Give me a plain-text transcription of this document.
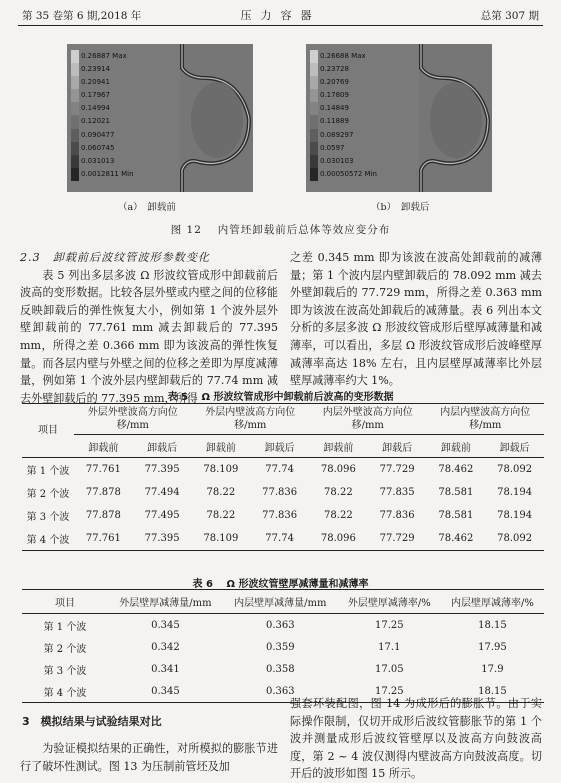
第 35 卷第 6 期,2018 年	压力容器	总第 307 期
0.26887 Max
0.23914
0.20941
0.17967
0.14994
0.12021
0.090477
0.060745
0.031013
0.0012811 Min
0.26688 Max
0.23728
0.20769
0.17809
0.14849
0.11889
0.089297
0.0597
0.030103
0.00050572 Min
（a）　卸载前	（b）　卸载后
图 12 　内管坯卸载前后总体等效应变分布

2.3　卸载前后波纹管波形参数变化

表 5 列出多层多波 Ω 形波纹管成形中卸载前后波高的变形数据。比较各层外壁或内壁之间的位移能反映卸载后的弹性恢复大小，例如第 1 个波外层外壁卸载前的 77.761 mm 减去卸载后的 77.395 mm，所得之差 0.366 mm 即为该波高的弹性恢复量。而各层内壁与外壁之间的位移之差即为厚度减薄量，例如第 1 个波外层内壁卸载后的 77.74 mm 减去外壁卸载后的 77.395 mm，所得

之差 0.345 mm 即为该波在波高处卸载前的减薄量；第 1 个波内层内壁卸载后的 78.092 mm 减去外壁卸载后的 77.729 mm，所得之差 0.363 mm 即为该波在波高处卸载后的减薄量。表 6 列出本文分析的多层多波 Ω 形波纹管成形后壁厚减薄量和减薄率，可以看出，多层 Ω 形波纹管成形后波峰壁厚减薄率高达 18% 左右，且内层壁厚减薄率比外层壁厚减薄率约大 1%。

表 5 　Ω 形波纹管成形中卸载前后波高的变形数据
项目	外层外壁波高方向位移/mm		外层内壁波高方向位移/mm		内层外壁波高方向位移/mm		内层内壁波高方向位移/mm	
	卸载前	卸载后	卸载前	卸载后	卸载前	卸载后	卸载前	卸载后
第 1 个波	77.761	77.395	78.109	77.74	78.096	77.729	78.462	78.092
第 2 个波	77.878	77.494	78.22	77.836	78.22	77.835	78.581	78.194
第 3 个波	77.878	77.495	78.22	77.836	78.22	77.836	78.581	78.194
第 4 个波	77.761	77.395	78.109	77.74	78.096	77.729	78.462	78.092
表 6 　Ω 形波纹管壁厚减薄量和减薄率
项目	外层壁厚减薄量/mm	内层壁厚减薄量/mm	外层壁厚减薄率/%	内层壁厚减薄率/%
第 1 个波	0.345	0.363	17.25	18.15
第 2 个波	0.342	0.359	17.1	17.95
第 3 个波	0.341	0.358	17.05	17.9
第 4 个波	0.345	0.363	17.25	18.15
3　模拟结果与试验结果对比

为验证模拟结果的正确性，对所模拟的膨胀节进行了破坏性测试。图 13 为压制前管坯及加

强套环装配图，图 14 为成形后的膨胀节。由于实际操作限制，仅切开成形后波纹管膨胀节的第 1 个波并测量成形后波纹管壁厚以及波高方向鼓波高度，第 2 ~ 4 波仅测得内壁波高方向鼓波高度。切开后的波形如图 15 所示。
